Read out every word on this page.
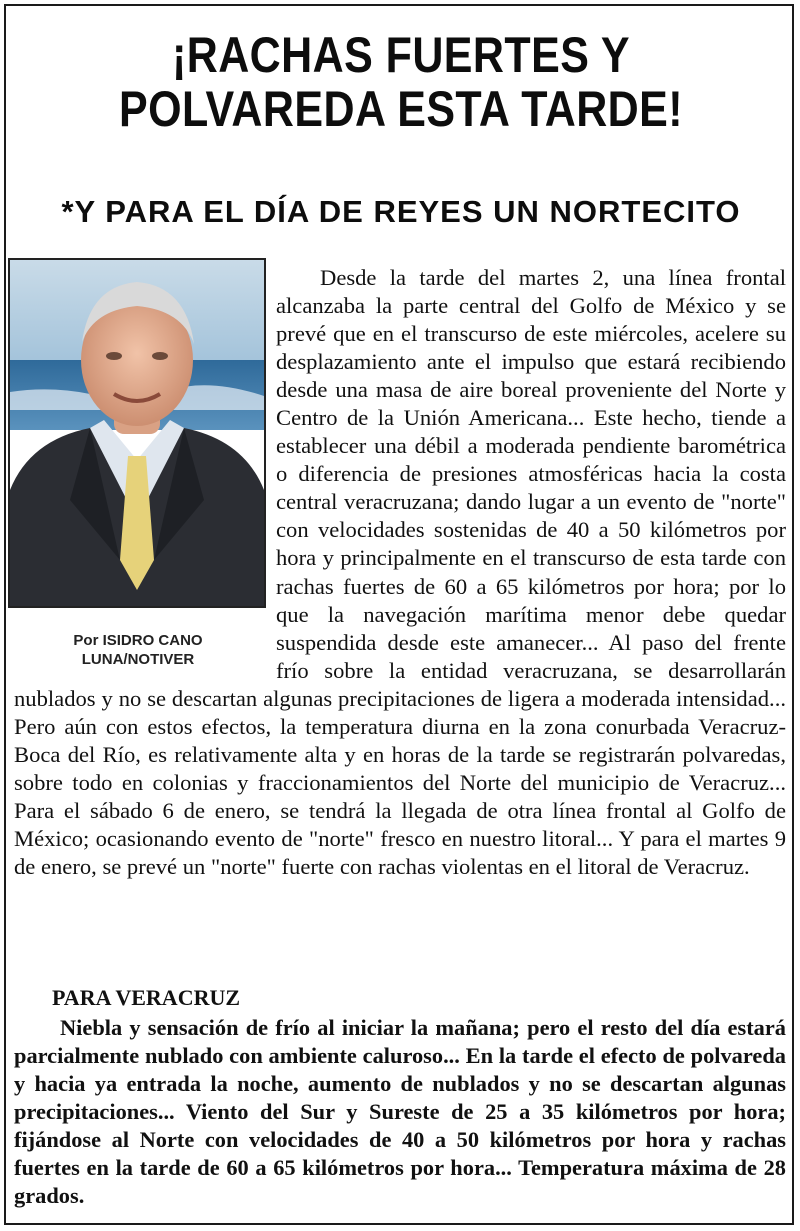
¡RACHAS FUERTES Y
POLVAREDA ESTA TARDE!
*Y PARA EL DÍA DE REYES UN NORTECITO
Por ISIDRO CANO
LUNA/NOTIVER

Desde la tarde del martes 2, una línea frontal alcanzaba la parte central del Golfo de México y se prevé que en el transcurso de este miércoles, acelere su desplazamiento ante el impulso que estará recibiendo desde una masa de aire boreal proveniente del Norte y Centro de la Unión Americana... Este hecho, tiende a establecer una débil a moderada pendiente barométrica o diferencia de presiones atmosféricas hacia la costa central veracruzana; dando lugar a un evento de "norte" con velocidades sostenidas de 40 a 50 kilómetros por hora y principalmente en el transcurso de esta tarde con rachas fuertes de 60 a 65 kilómetros por hora; por lo que la navegación marítima menor debe quedar suspendida desde este amanecer... Al paso del frente frío sobre la entidad veracruzana, se desarrollarán nublados y no se descartan algunas precipitaciones de ligera a moderada intensidad... Pero aún con estos efectos, la temperatura diurna en la zona conurbada Veracruz-Boca del Río, es relativamente alta y en horas de la tarde se registrarán polvaredas, sobre todo en colonias y fraccionamientos del Norte del municipio de Veracruz... Para el sábado 6 de enero, se tendrá la llegada de otra línea frontal al Golfo de México; ocasionando evento de "norte" fresco en nuestro litoral... Y para el martes 9 de enero, se prevé un "norte" fuerte con rachas violentas en el litoral de Veracruz.

PARA VERACRUZ

Niebla y sensación de frío al iniciar la mañana; pero el resto del día estará parcialmente nublado con ambiente caluroso... En la tarde el efecto de polvareda y hacia ya entrada la noche, aumento de nublados y no se descartan algunas precipitaciones... Viento del Sur y Sureste de 25 a 35 kilómetros por hora; fijándose al Norte con velocidades de 40 a 50 kilómetros por hora y rachas fuertes en la tarde de 60 a 65 kilómetros por hora... Temperatura máxima de 28 grados.
